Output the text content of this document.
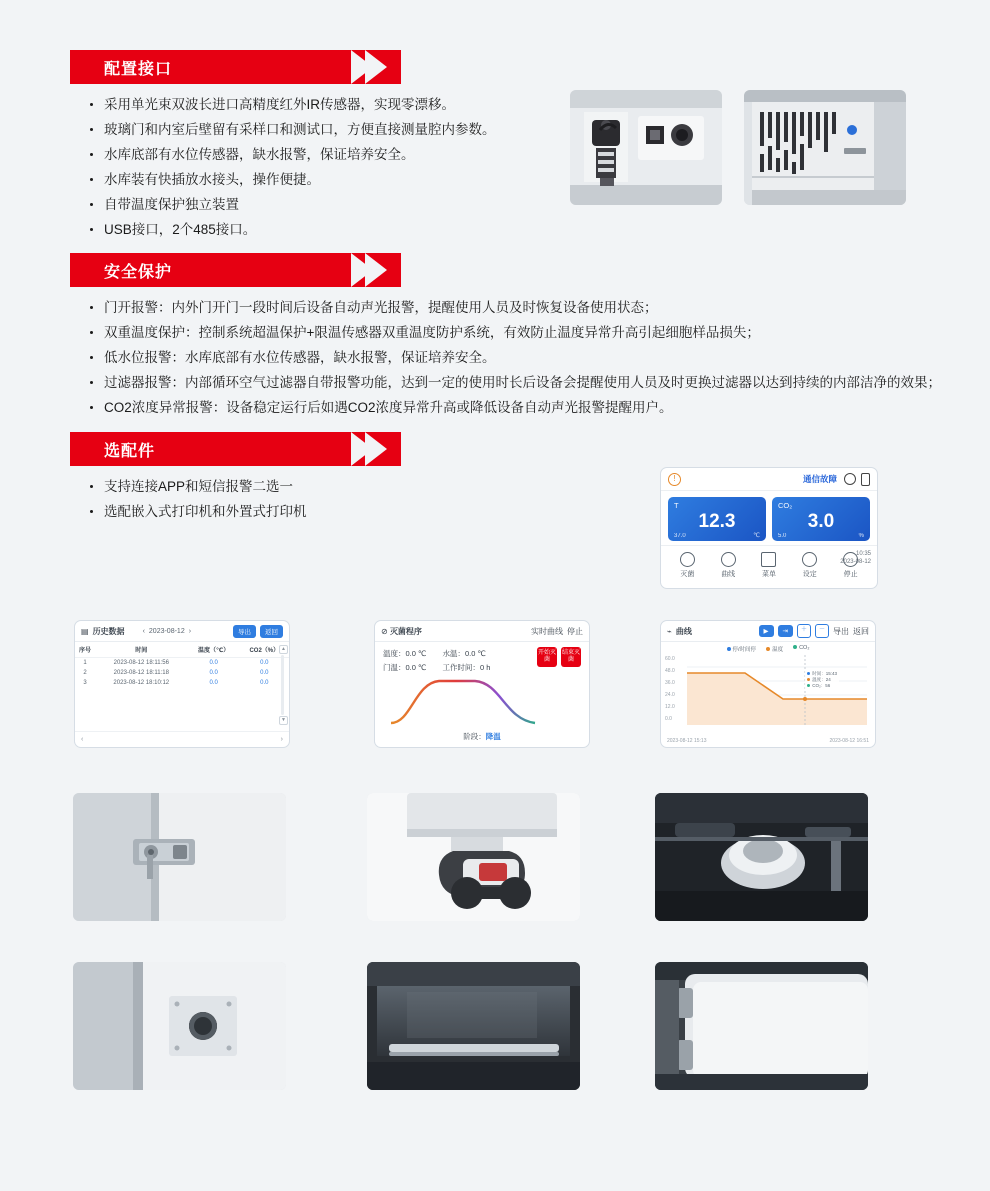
配置接口
采用单光束双波长进口高精度红外IR传感器，实现零漂移。
玻璃门和内室后壁留有采样口和测试口，方便直接测量腔内参数。
水库底部有水位传感器，缺水报警，保证培养安全。
水库装有快插放水接头，操作便捷。
自带温度保护独立装置
USB接口，2个485接口。
安全保护
门开报警：内外门开门一段时间后设备自动声光报警，提醒使用人员及时恢复设备使用状态；
双重温度保护：控制系统超温保护+限温传感器双重温度防护系统，有效防止温度异常升高引起细胞样品损失；
低水位报警：水库底部有水位传感器，缺水报警，保证培养安全。
过滤器报警：内部循环空气过滤器自带报警功能，达到一定的使用时长后设备会提醒使用人员及时更换过滤器以达到持续的内部洁净的效果；
CO2浓度异常报警：设备稳定运行后如遇CO2浓度异常升高或降低设备自动声光报警提醒用户。
选配件
支持连接APP和短信报警二选一
选配嵌入式打印机和外置式打印机
!	通信故障
T
12.3
37.0	℃
CO₂
3.0
5.0	%
灭菌	曲线	菜单	设定	停止
10:35
2023-08-12
▤ 历史数据	‹ 2023-08-12 ›	导出	返回
序号	时间	温度（℃）	CO2（%）
1	2023-08-12 18:11:56	0.0	0.0
2	2023-08-12 18:11:18	0.0	0.0
3	2023-08-12 18:10:12	0.0	0.0
▲
▼
‹	›
⊘
灭菌程序	实时曲线 停止
温度：0.0 ℃ 水温：0.0 ℃
门温：0.0 ℃ 工作时间：0 h
开始灭菌
结束灭菌
阶段：降温
⌁ 曲线	▶	⇥	＋	－	导出 返回
停/时间停	温度	CO₂
60.0
48.0
36.0
24.0
12.0
0.0
时间：15:43
温度：24
CO₂：56
2023-08-12 15:13	2023-08-12 16:51
